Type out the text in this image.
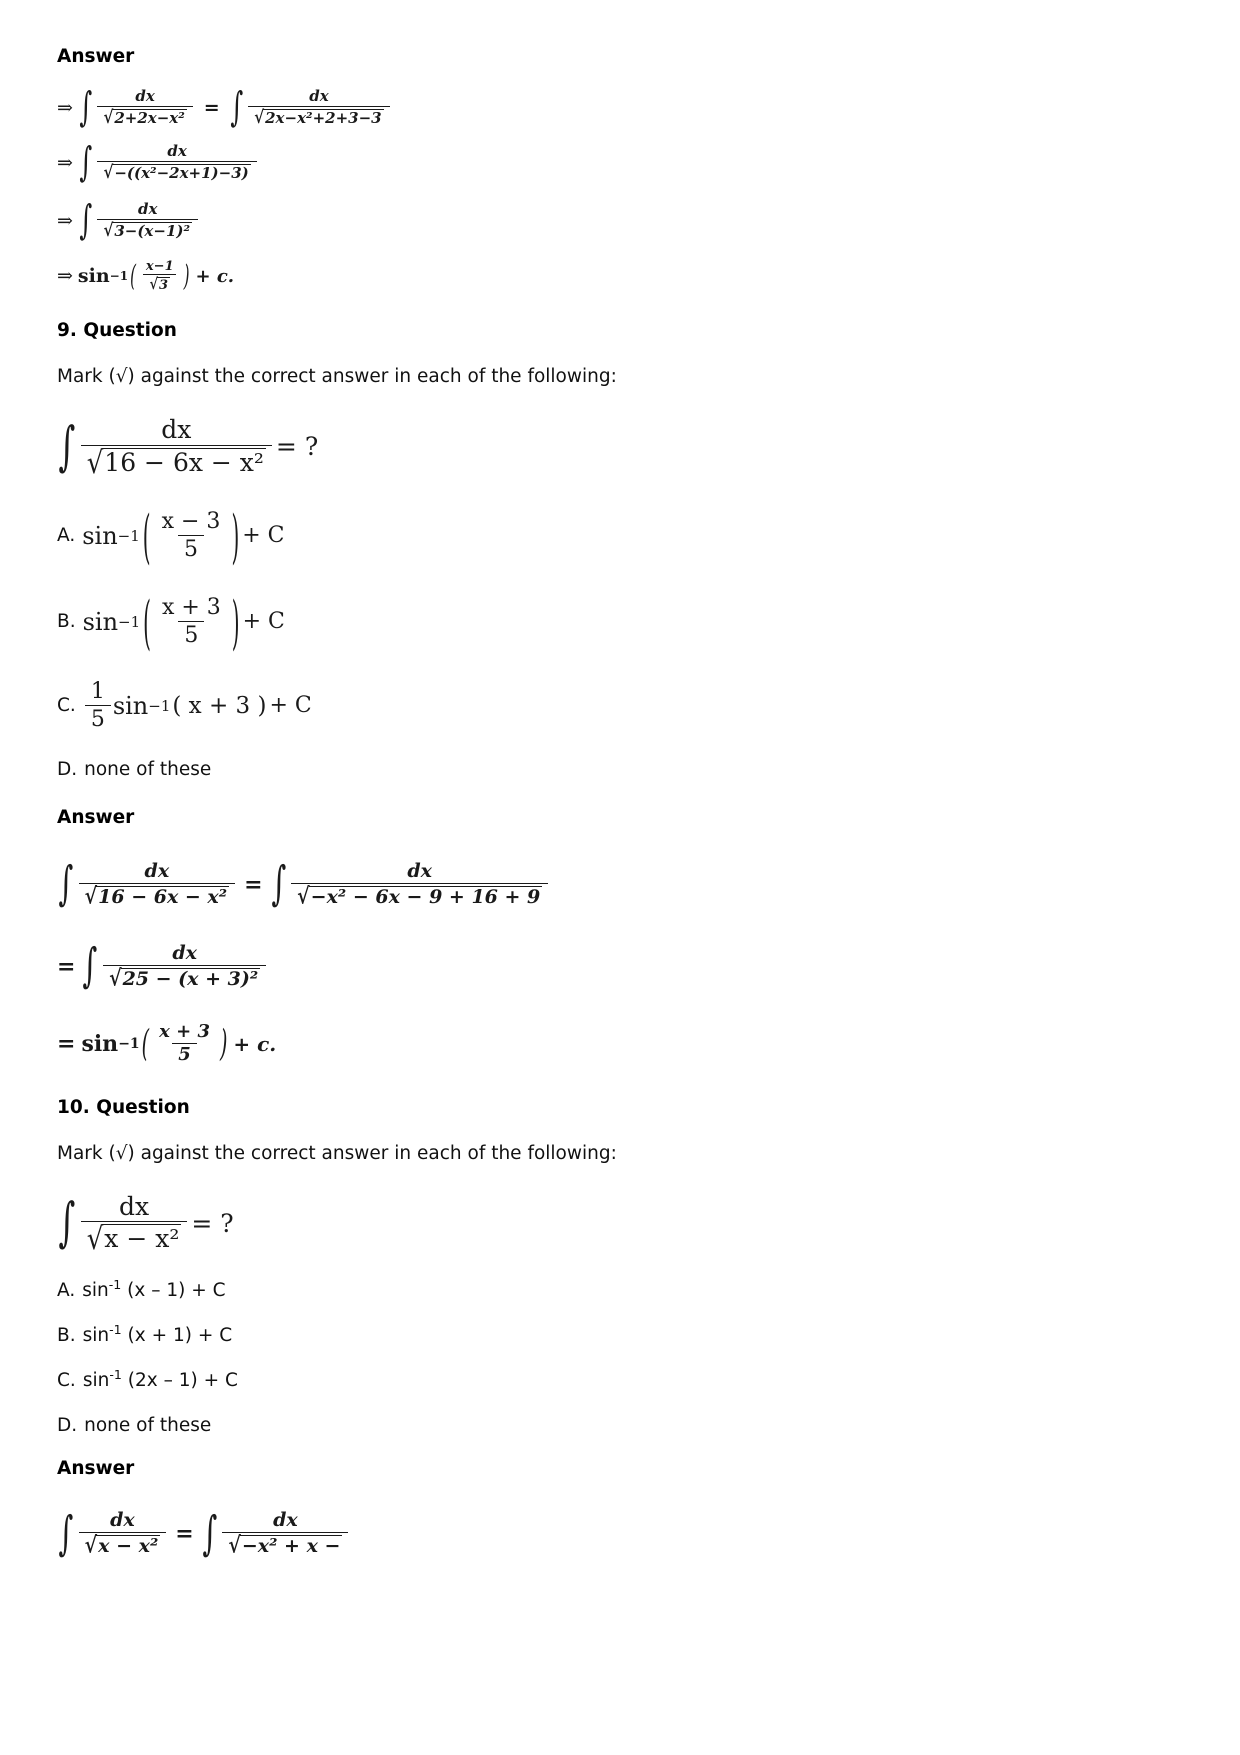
Answer
⇒ ∫ $\frac{dx}{\text{√ 2+2x−x²}}$ = ∫ $\frac{dx}{\text{√ 2x−x²+2+3−3}}$
⇒ ∫ $\frac{dx}{\text{√ −((x²−2x+1)−3)}}$
⇒ ∫ $\frac{dx}{\text{√ 3−(x−1)²}}$
⇒ sin −1 ( $\frac{x-1}{√ 3}$ ) + c.
9. Question
Mark (√) against the correct answer in each of the following:
∫ $\frac{dx}{\text{√ 16 − 6x − x²}}$ = ?
A. sin −1 ( $\frac{x - 3}{5}$ ) + C
B. sin −1 ( $\frac{x + 3}{5}$ ) + C
C. $\frac{1}{5}$ sin −1 ( x + 3 ) + C
D. none of these
Answer
∫ $\frac{dx}{\text{√ 16 − 6x − x²}}$ = ∫ $\frac{dx}{\text{√ −x² − 6x − 9 + 16 + 9}}$
= ∫ $\frac{dx}{\text{√ 25 − (x + 3)²}}$
= sin −1 ( $\frac{x + 3}{5}$ ) + c.
10. Question
Mark (√) against the correct answer in each of the following:
∫ $\frac{dx}{\text{√ x − x²}}$ = ?
A. $\sin^{-1} (x - 1) + C$
B. $\sin^{-1} (x + 1) + C$
C. $\sin^{-1} (2x - 1) + C$
D. none of these
Answer
∫ $\frac{dx}{\text{√ x − x²}}$ = ∫ $\frac{dx}{\text{√ −x² + x −}}$
